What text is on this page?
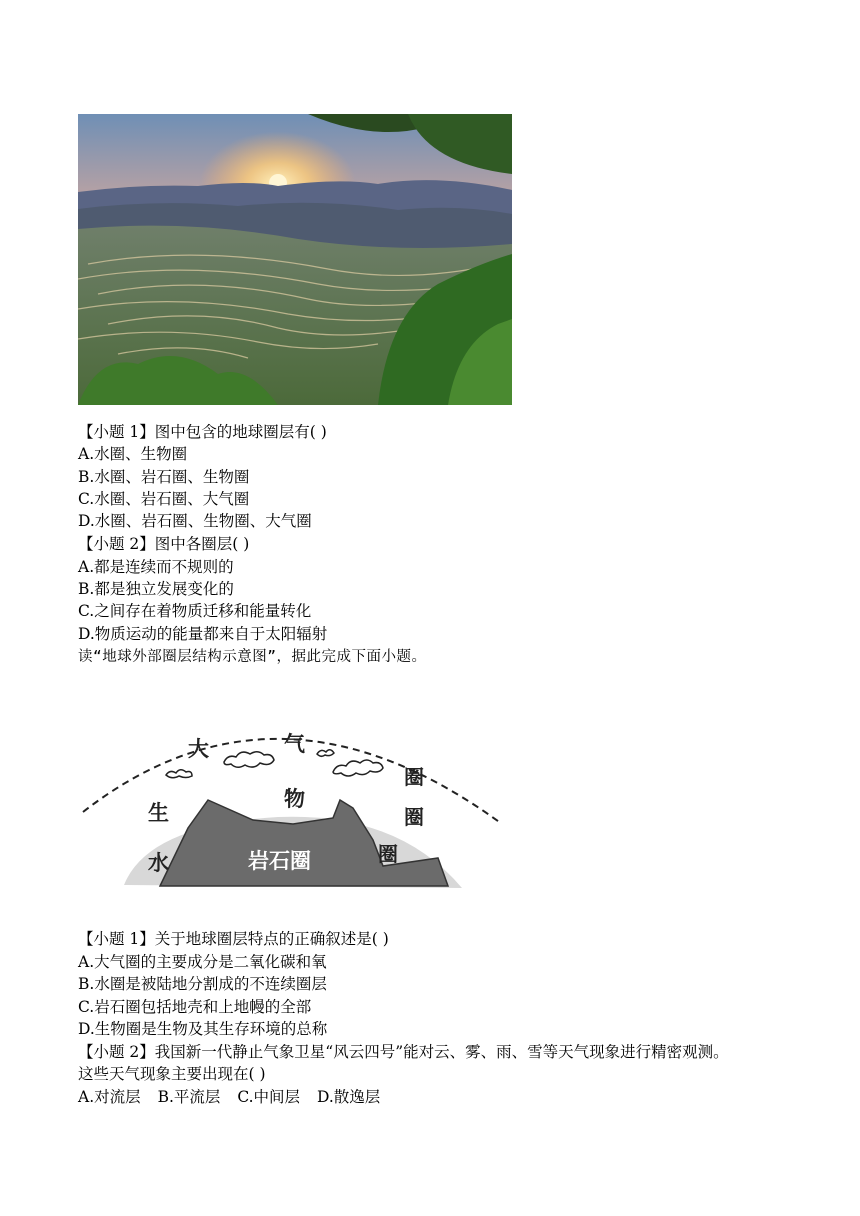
【小题 1】图中包含的地球圈层有( )
A.水圈、生物圈
B.水圈、岩石圈、生物圈
C.水圈、岩石圈、大气圈
D.水圈、岩石圈、生物圈、大气圈
【小题 2】图中各圈层( )
A.都是连续而不规则的
B.都是独立发展变化的
C.之间存在着物质迁移和能量转化
D.物质运动的能量都来自于太阳辐射
读“地球外部圈层结构示意图”，据此完成下面小题。
大	气
圈
生
物
圈
水	岩石圈	圈
【小题 1】关于地球圈层特点的正确叙述是( )
A.大气圈的主要成分是二氧化碳和氧
B.水圈是被陆地分割成的不连续圈层
C.岩石圈包括地壳和上地幔的全部
D.生物圈是生物及其生存环境的总称
【小题 2】我国新一代静止气象卫星“风云四号”能对云、雾、雨、雪等天气现象进行精密观测。
这些天气现象主要出现在( )
A.对流层 B.平流层 C.中间层 D.散逸层
